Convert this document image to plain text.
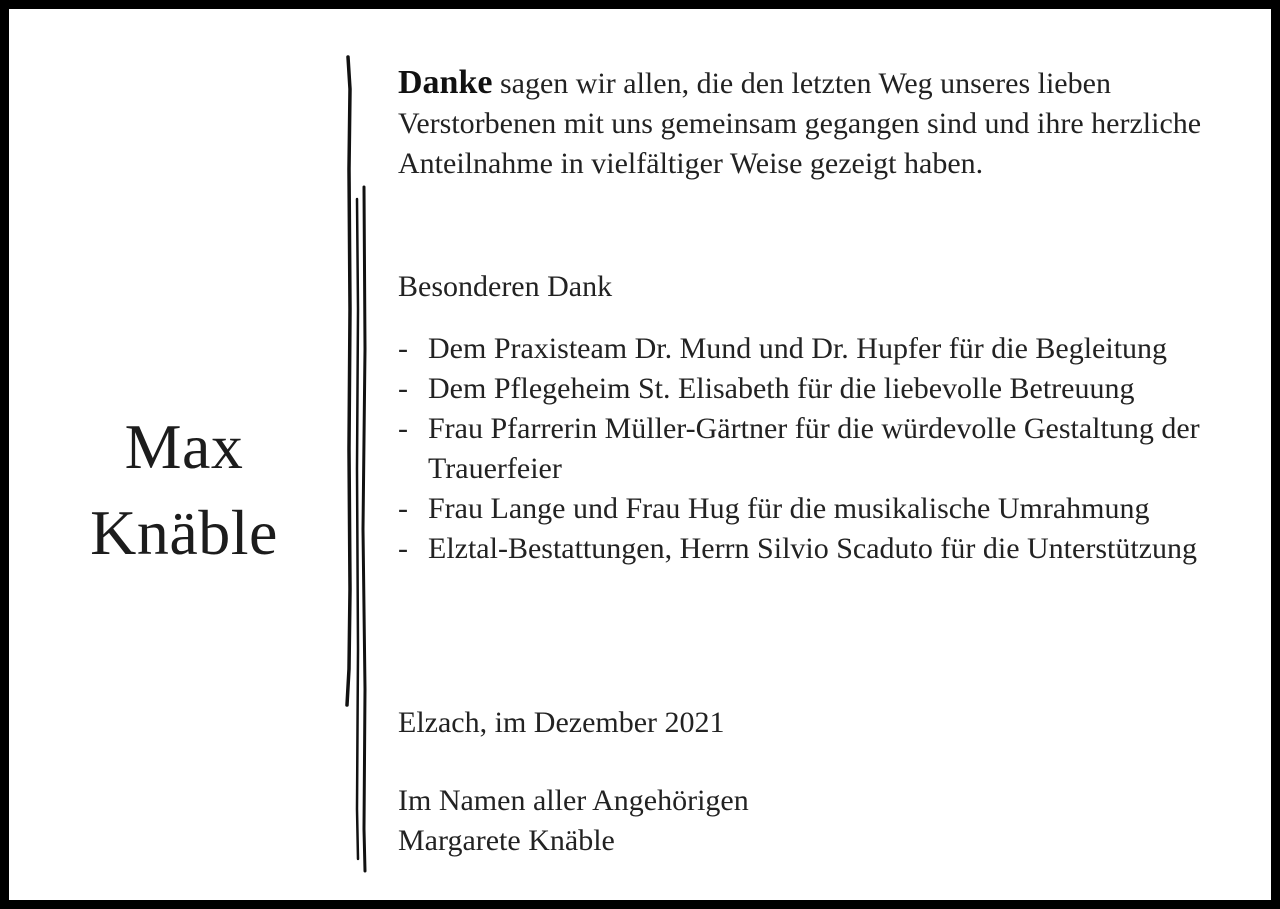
Max
Knäble
Danke sagen wir allen, die den letzten Weg unseres lieben Verstorbenen mit uns gemeinsam gegangen sind und ihre herzliche Anteilnahme in vielfältiger Weise gezeigt haben.
Besonderen Dank
- Dem Praxisteam Dr. Mund und Dr. Hupfer für die Begleitung
- Dem Pflegeheim St. Elisabeth für die liebevolle Betreuung
- Frau Pfarrerin Müller-Gärtner für die würdevolle Gestaltung der Trauerfeier
- Frau Lange und Frau Hug für die musikalische Umrahmung
- Elztal-Bestattungen, Herrn Silvio Scaduto für die Unterstützung
Elzach, im Dezember 2021
Im Namen aller Angehörigen
Margarete Knäble
